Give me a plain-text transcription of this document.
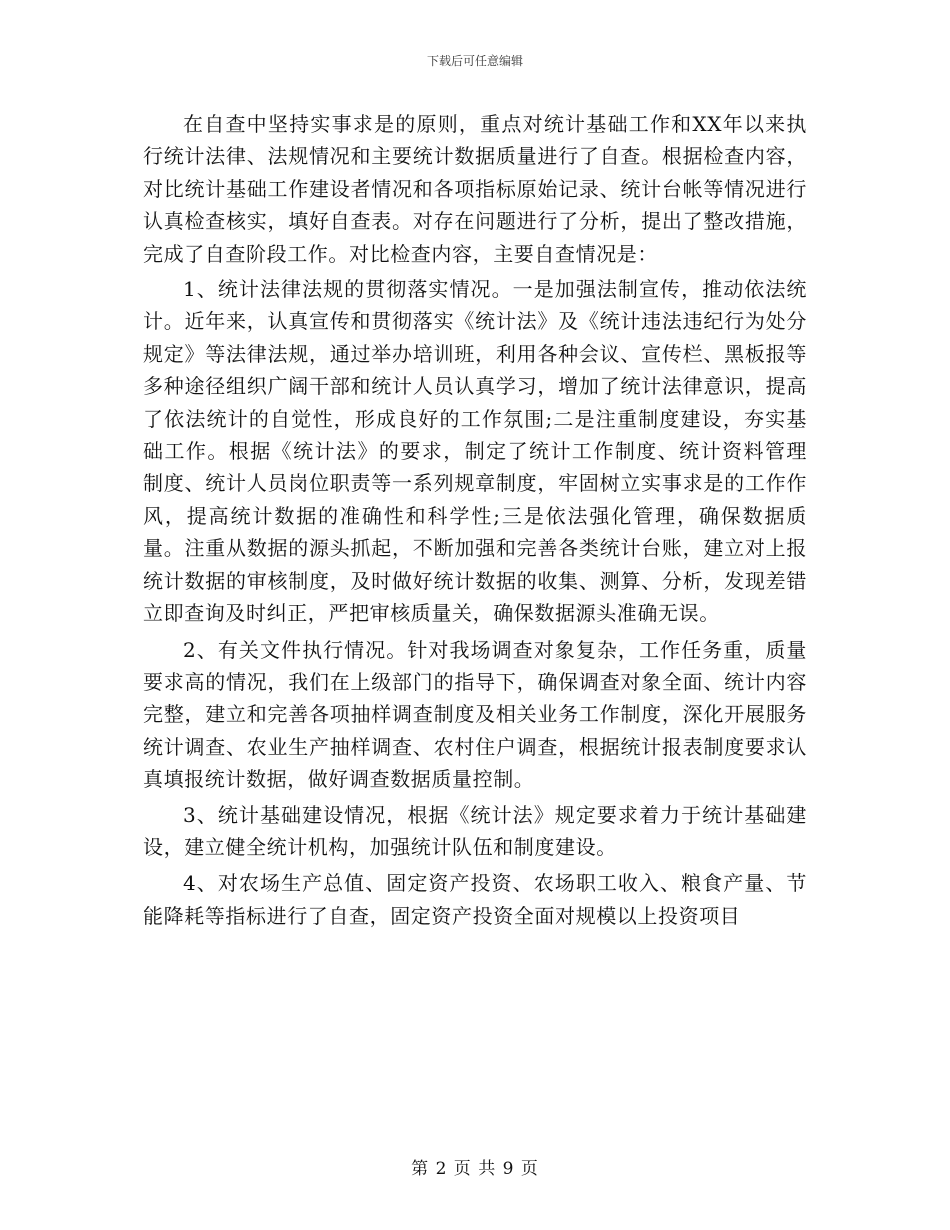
下载后可任意编辑

在自查中坚持实事求是的原则，重点对统计基础工作和XX年以来执行统计法律、法规情况和主要统计数据质量进行了自查。根据检查内容，对比统计基础工作建设者情况和各项指标原始记录、统计台帐等情况进行认真检查核实，填好自查表。对存在问题进行了分析，提出了整改措施，完成了自查阶段工作。对比检查内容，主要自查情况是：

1、统计法律法规的贯彻落实情况。一是加强法制宣传，推动依法统计。近年来，认真宣传和贯彻落实《统计法》及《统计违法违纪行为处分规定》等法律法规，通过举办培训班，利用各种会议、宣传栏、黑板报等多种途径组织广阔干部和统计人员认真学习，增加了统计法律意识，提高了依法统计的自觉性，形成良好的工作氛围;二是注重制度建设，夯实基础工作。根据《统计法》的要求，制定了统计工作制度、统计资料管理 制度、统计人员岗位职责等一系列规章制度，牢固树立实事求是的工作作风，提高统计数据的准确性和科学性;三是依法强化管理，确保数据质量。注重从数据的源头抓起，不断加强和完善各类统计台账，建立对上报统计数据的审核制度，及时做好统计数据的收集、测算、分析，发现差错立即查询及时纠正，严把审核质量关，确保数据源头准确无误。

2、有关文件执行情况。针对我场调查对象复杂，工作任务重，质量要求高的情况，我们在上级部门的指导下，确保调查对象全面、统计内容完整，建立和完善各项抽样调查制度及相关业务工作制度，深化开展服务统计调查、农业生产抽样调查、农村住户调查，根据统计报表制度要求认真填报统计数据，做好调查数据质量控制。

3、统计基础建设情况，根据《统计法》规定要求着力于统计基础建设，建立健全统计机构，加强统计队伍和制度建设。

4、对农场生产总值、固定资产投资、农场职工收入、粮食产量、节能降耗等指标进行了自查，固定资产投资全面对规模以上投资项目

第 2 页 共 9 页
